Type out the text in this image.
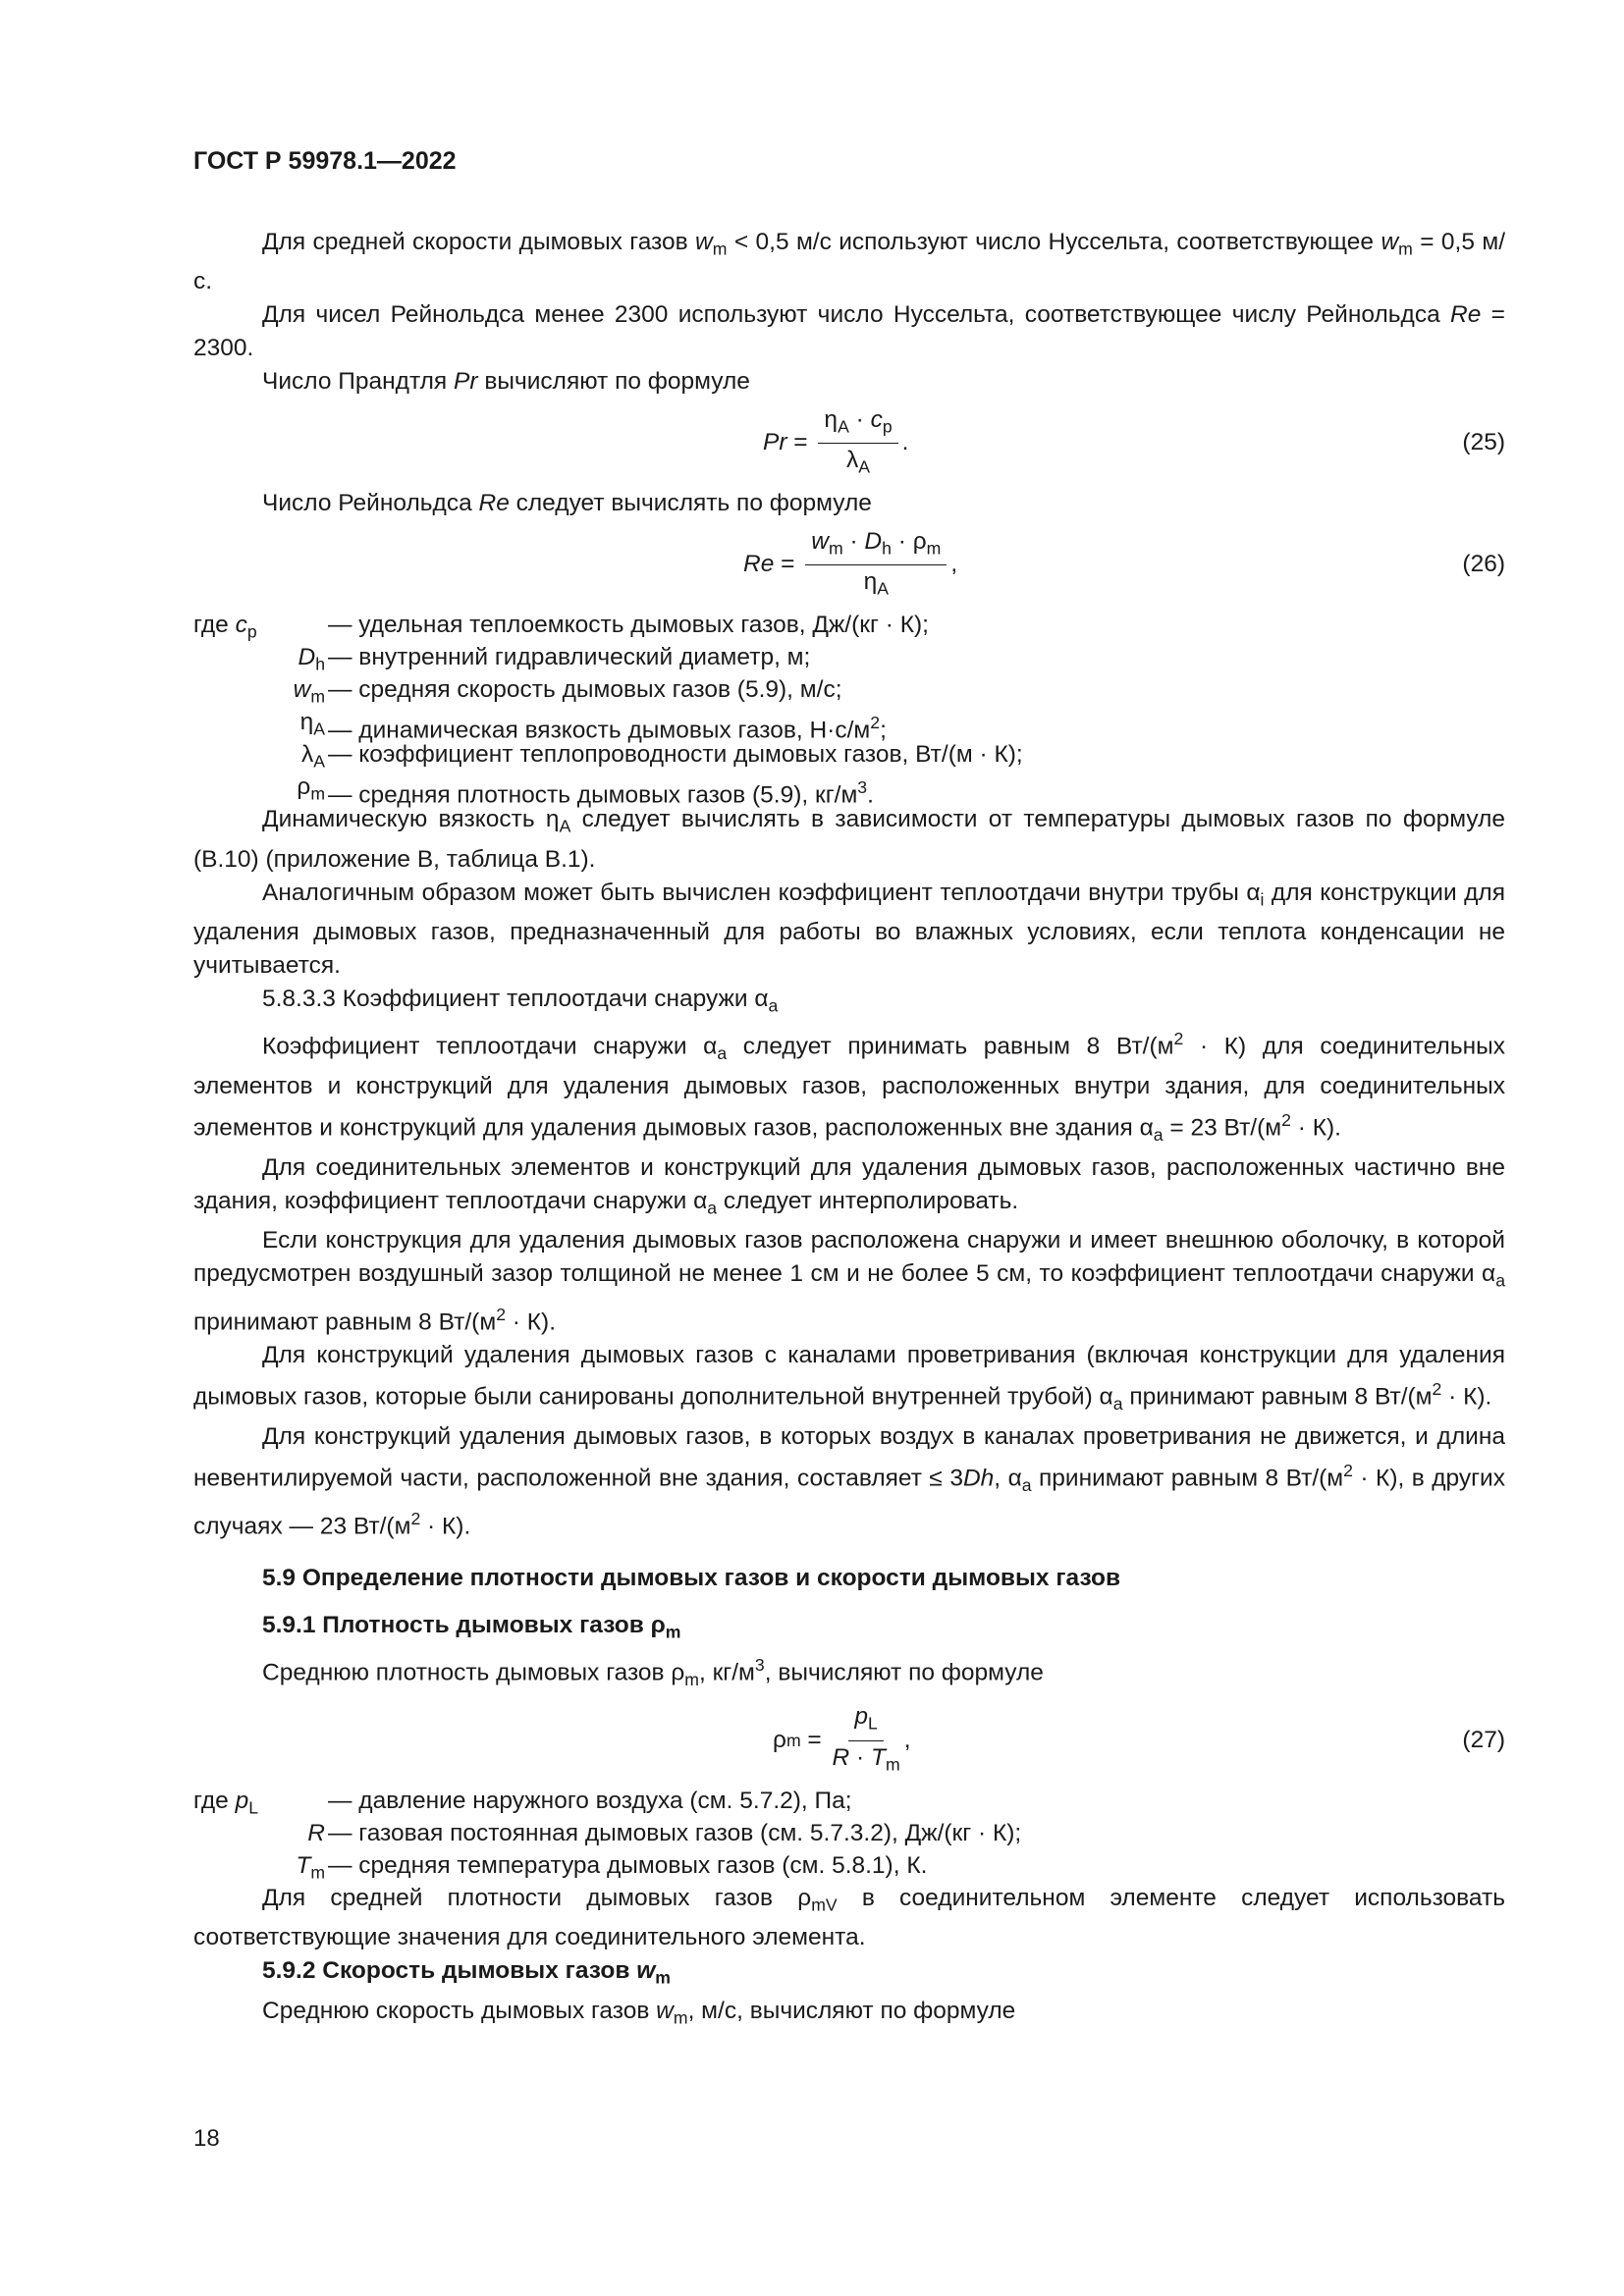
ГОСТ Р 59978.1—2022

Для средней скорости дымовых газов $w_m < 0,5$ м/с используют число Нуссельта, соответствующее $w_m = 0,5$ м/с.

Для чисел Рейнольдса менее 2300 используют число Нуссельта, соответствующее числу Рейнольдса Re = 2300.

Число Прандтля Pr вычисляют по формуле

$Pr = \frac{\eta_A \cdot c_p}{\lambda_A}$ .	(25)

Число Рейнольдса Re следует вычислять по формуле

$Re = \frac{w_m \cdot D_h \cdot \rho_m}{\eta_A}$ ,	(26)
где $c_p$	— удельная теплоемкость дымовых газов, Дж/(кг · К);
$D_h$ — внутренний гидравлический диаметр, м;
$w_m$ — средняя скорость дымовых газов (5.9), м/с;
$\eta_A$ — динамическая вязкость дымовых газов, $Н\cdot с/м^2$;
$\lambda_A$ — коэффициент теплопроводности дымовых газов, Вт/(м · К);
$\rho_m$ — средняя плотность дымовых газов (5.9), $кг/м^3$.

Динамическую вязкость $\eta_A$ следует вычислять в зависимости от температуры дымовых газов по формуле (В.10) (приложение В, таблица В.1).

Аналогичным образом может быть вычислен коэффициент теплоотдачи внутри трубы $\alpha_i$ для конструкции для удаления дымовых газов, предназначенный для работы во влажных условиях, если теплота конденсации не учитывается.

5.8.3.3 Коэффициент теплоотдачи снаружи $\alpha_a$

Коэффициент теплоотдачи снаружи $\alpha_a$ следует принимать равным 8 $Вт/(м^2 \cdot К)$ для соединительных элементов и конструкций для удаления дымовых газов, расположенных внутри здания, для соединительных элементов и конструкций для удаления дымовых газов, расположенных вне здания $\alpha_a = 23$ $Вт/(м^2 \cdot К)$.

Для соединительных элементов и конструкций для удаления дымовых газов, расположенных частично вне здания, коэффициент теплоотдачи снаружи $\alpha_a$ следует интерполировать.

Если конструкция для удаления дымовых газов расположена снаружи и имеет внешнюю оболочку, в которой предусмотрен воздушный зазор толщиной не менее 1 см и не более 5 см, то коэффициент теплоотдачи снаружи $\alpha_a$ принимают равным 8 $Вт/(м^2 \cdot К)$.

Для конструкций удаления дымовых газов с каналами проветривания (включая конструкции для удаления дымовых газов, которые были санированы дополнительной внутренней трубой) $\alpha_a$ принимают равным 8 $Вт/(м^2 \cdot К)$.

Для конструкций удаления дымовых газов, в которых воздух в каналах проветривания не движется, и длина невентилируемой части, расположенной вне здания, составляет ≤ 3Dh, $\alpha_a$ принимают равным 8 $Вт/(м^2 \cdot К)$, в других случаях — 23 $Вт/(м^2 \cdot К)$.

5.9 Определение плотности дымовых газов и скорости дымовых газов

5.9.1 Плотность дымовых газов $\rho_m$

Среднюю плотность дымовых газов $\rho_m$, $кг/м^3$, вычисляют по формуле

ρ $m = \frac{p_L}{R \cdot T_m}$ ,	(27)
где $p_L$	— давление наружного воздуха (см. 5.7.2), Па;
R — газовая постоянная дымовых газов (см. 5.7.3.2), Дж/(кг · К);
$T_m$ — средняя температура дымовых газов (см. 5.8.1), К.

Для средней плотности дымовых газов $\rho_{mV}$ в соединительном элементе следует использовать соответствующие значения для соединительного элемента.

5.9.2 Скорость дымовых газов $w_m$

Среднюю скорость дымовых газов $w_m$, м/с, вычисляют по формуле

18
